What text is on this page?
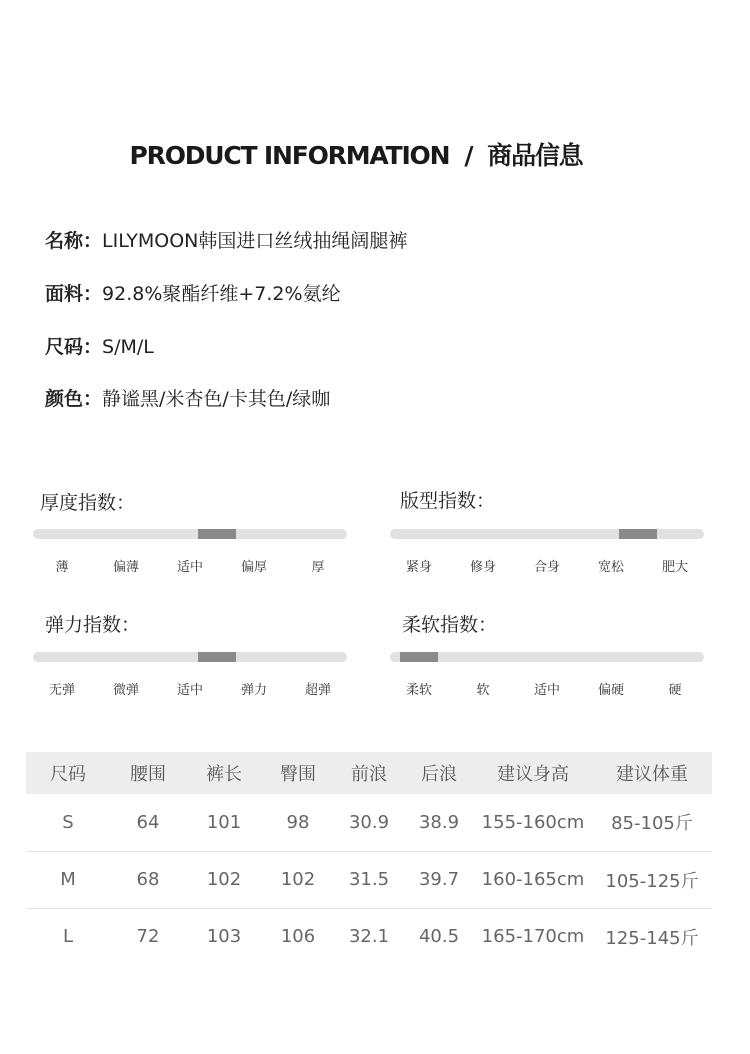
PRODUCT INFORMATION  /  商品信息
名称：LILYMOON韩国进口丝绒抽绳阔腿裤
面料：92.8%聚酯纤维+7.2%氨纶
尺码：S/M/L
颜色：静谧黑/米杏色/卡其色/绿咖
厚度指数：
薄	偏薄	适中	偏厚	厚
版型指数：
紧身	修身	合身	宽松	肥大
弹力指数：
无弹	微弹	适中	弹力	超弹
柔软指数：
柔软	软	适中	偏硬	硬
尺码	腰围	裤长	臀围	前浪	后浪	建议身高	建议体重
S	64	101	98	30.9	38.9	155-160cm	85-105斤
M	68	102	102	31.5	39.7	160-165cm	105-125斤
L	72	103	106	32.1	40.5	165-170cm	125-145斤
